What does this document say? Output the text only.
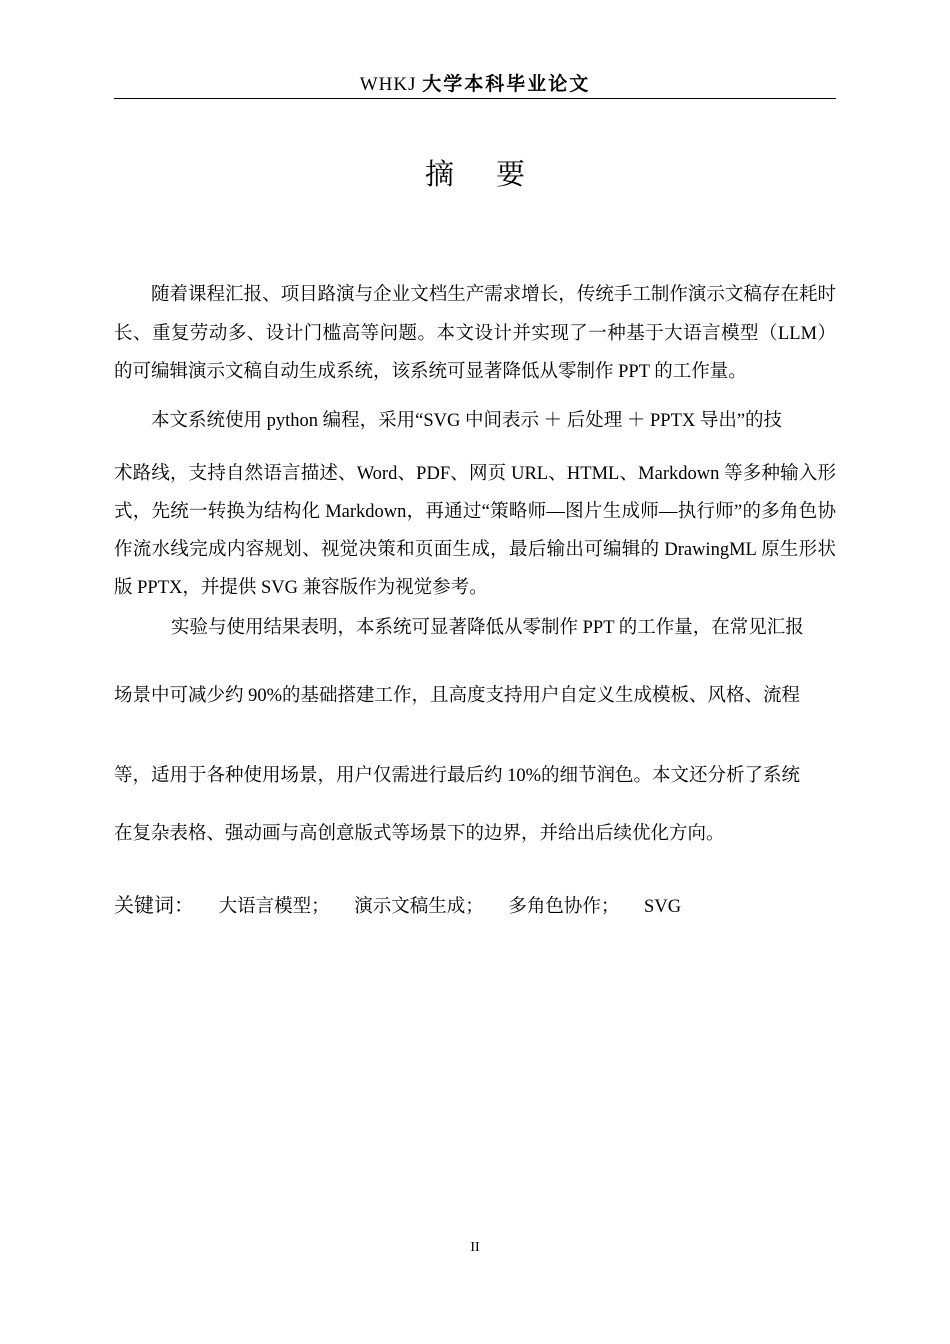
WHKJ 大学本科毕业论文
摘要

随着课程汇报、项目路演与企业文档生产需求增长，传统手工制作演示文稿存在耗时长、重复劳动多、设计门槛高等问题。本文设计并实现了一种基于大语言模型（LLM）的可编辑演示文稿自动生成系统，该系统可显著降低从零制作 PPT 的工作量。

本文系统使用 python 编程，采用“SVG 中间表示 ＋ 后处理 ＋ PPTX 导出”的技
术路线，支持自然语言描述、Word、PDF、网页 URL、HTML、Markdown 等多种输入形式，先统一转换为结构化 Markdown，再通过“策略师—图片生成师—执行师”的多角色协作流水线完成内容规划、视觉决策和页面生成，最后输出可编辑的 DrawingML 原生形状版 PPTX，并提供 SVG 兼容版作为视觉参考。

实验与使用结果表明，本系统可显著降低从零制作 PPT 的工作量，在常见汇报
场景中可减少约 90%的基础搭建工作，且高度支持用户自定义生成模板、风格、流程
等，适用于各种使用场景，用户仅需进行最后约 10%的细节润色。本文还分析了系统
在复杂表格、强动画与高创意版式等场景下的边界，并给出后续优化方向。

关键词： 大语言模型； 演示文稿生成； 多角色协作； SVG
II
